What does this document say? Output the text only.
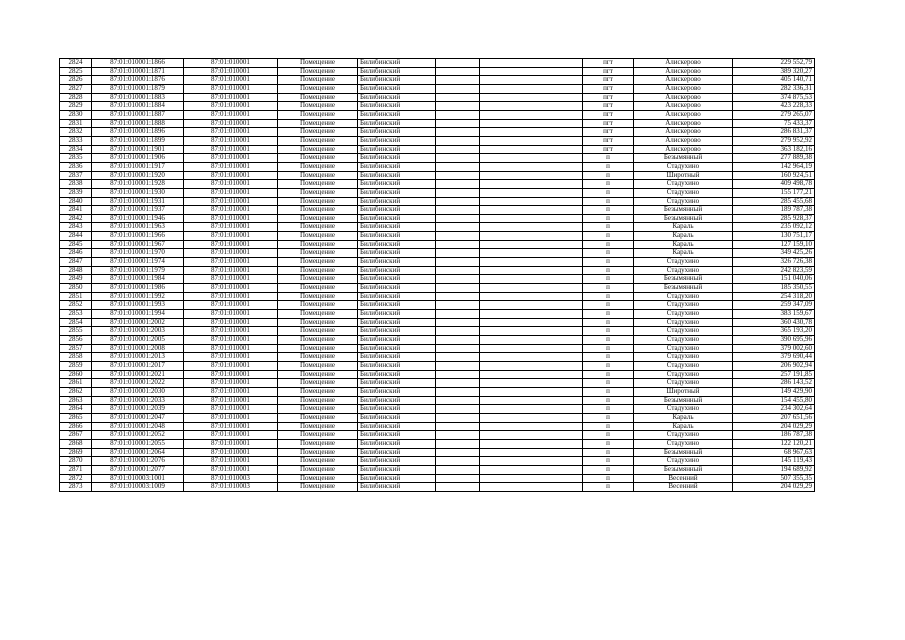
2824	87:01:010001:1866	87:01:010001	Помещение	Билибинский			пгт	Алискерово	229 552,79
2825	87:01:010001:1871	87:01:010001	Помещение	Билибинский			пгт	Алискерово	389 320,27
2826	87:01:010001:1876	87:01:010001	Помещение	Билибинский			пгт	Алискерово	405 140,71
2827	87:01:010001:1879	87:01:010001	Помещение	Билибинский			пгт	Алискерово	282 336,31
2828	87:01:010001:1883	87:01:010001	Помещение	Билибинский			пгт	Алискерово	374 875,53
2829	87:01:010001:1884	87:01:010001	Помещение	Билибинский			пгт	Алискерово	423 228,33
2830	87:01:010001:1887	87:01:010001	Помещение	Билибинский			пгт	Алискерово	279 265,07
2831	87:01:010001:1888	87:01:010001	Помещение	Билибинский			пгт	Алискерово	75 433,37
2832	87:01:010001:1896	87:01:010001	Помещение	Билибинский			пгт	Алискерово	286 831,37
2833	87:01:010001:1899	87:01:010001	Помещение	Билибинский			пгт	Алискерово	279 952,92
2834	87:01:010001:1901	87:01:010001	Помещение	Билибинский			пгт	Алискерово	363 182,16
2835	87:01:010001:1906	87:01:010001	Помещение	Билибинский			п	Безымянный	277 889,38
2836	87:01:010001:1917	87:01:010001	Помещение	Билибинский			п	Стадухино	142 964,19
2837	87:01:010001:1920	87:01:010001	Помещение	Билибинский			п	Широтный	160 924,51
2838	87:01:010001:1928	87:01:010001	Помещение	Билибинский			п	Стадухино	409 498,78
2839	87:01:010001:1930	87:01:010001	Помещение	Билибинский			п	Стадухино	155 177,21
2840	87:01:010001:1931	87:01:010001	Помещение	Билибинский			п	Стадухино	285 455,68
2841	87:01:010001:1937	87:01:010001	Помещение	Билибинский			п	Безымянный	189 787,38
2842	87:01:010001:1946	87:01:010001	Помещение	Билибинский			п	Безымянный	285 928,37
2843	87:01:010001:1963	87:01:010001	Помещение	Билибинский			п	Караль	235 092,12
2844	87:01:010001:1966	87:01:010001	Помещение	Билибинский			п	Караль	130 751,17
2845	87:01:010001:1967	87:01:010001	Помещение	Билибинский			п	Караль	127 159,10
2846	87:01:010001:1970	87:01:010001	Помещение	Билибинский			п	Караль	349 425,26
2847	87:01:010001:1974	87:01:010001	Помещение	Билибинский			п	Стадухино	326 726,38
2848	87:01:010001:1979	87:01:010001	Помещение	Билибинский			п	Стадухино	242 823,59
2849	87:01:010001:1984	87:01:010001	Помещение	Билибинский			п	Безымянный	151 040,06
2850	87:01:010001:1986	87:01:010001	Помещение	Билибинский			п	Безымянный	185 350,55
2851	87:01:010001:1992	87:01:010001	Помещение	Билибинский			п	Стадухино	254 318,20
2852	87:01:010001:1993	87:01:010001	Помещение	Билибинский			п	Стадухино	259 347,09
2853	87:01:010001:1994	87:01:010001	Помещение	Билибинский			п	Стадухино	383 159,67
2854	87:01:010001:2002	87:01:010001	Помещение	Билибинский			п	Стадухино	360 430,78
2855	87:01:010001:2003	87:01:010001	Помещение	Билибинский			п	Стадухино	365 193,20
2856	87:01:010001:2005	87:01:010001	Помещение	Билибинский			п	Стадухино	390 695,96
2857	87:01:010001:2008	87:01:010001	Помещение	Билибинский			п	Стадухино	379 002,60
2858	87:01:010001:2013	87:01:010001	Помещение	Билибинский			п	Стадухино	379 690,44
2859	87:01:010001:2017	87:01:010001	Помещение	Билибинский			п	Стадухино	206 902,94
2860	87:01:010001:2021	87:01:010001	Помещение	Билибинский			п	Стадухино	257 191,85
2861	87:01:010001:2022	87:01:010001	Помещение	Билибинский			п	Стадухино	286 143,52
2862	87:01:010001:2030	87:01:010001	Помещение	Билибинский			п	Широтный	149 429,90
2863	87:01:010001:2033	87:01:010001	Помещение	Билибинский			п	Безымянный	154 455,80
2864	87:01:010001:2039	87:01:010001	Помещение	Билибинский			п	Стадухино	234 302,64
2865	87:01:010001:2047	87:01:010001	Помещение	Билибинский			п	Караль	207 651,56
2866	87:01:010001:2048	87:01:010001	Помещение	Билибинский			п	Караль	204 029,29
2867	87:01:010001:2052	87:01:010001	Помещение	Билибинский			п	Стадухино	186 787,38
2868	87:01:010001:2055	87:01:010001	Помещение	Билибинский			п	Стадухино	122 120,21
2869	87:01:010001:2064	87:01:010001	Помещение	Билибинский			п	Безымянный	68 967,63
2870	87:01:010001:2076	87:01:010001	Помещение	Билибинский			п	Стадухино	145 119,43
2871	87:01:010001:2077	87:01:010001	Помещение	Билибинский			п	Безымянный	194 689,92
2872	87:01:010003:1001	87:01:010003	Помещение	Билибинский			п	Весенний	507 355,35
2873	87:01:010003:1009	87:01:010003	Помещение	Билибинский			п	Весенний	204 029,29
